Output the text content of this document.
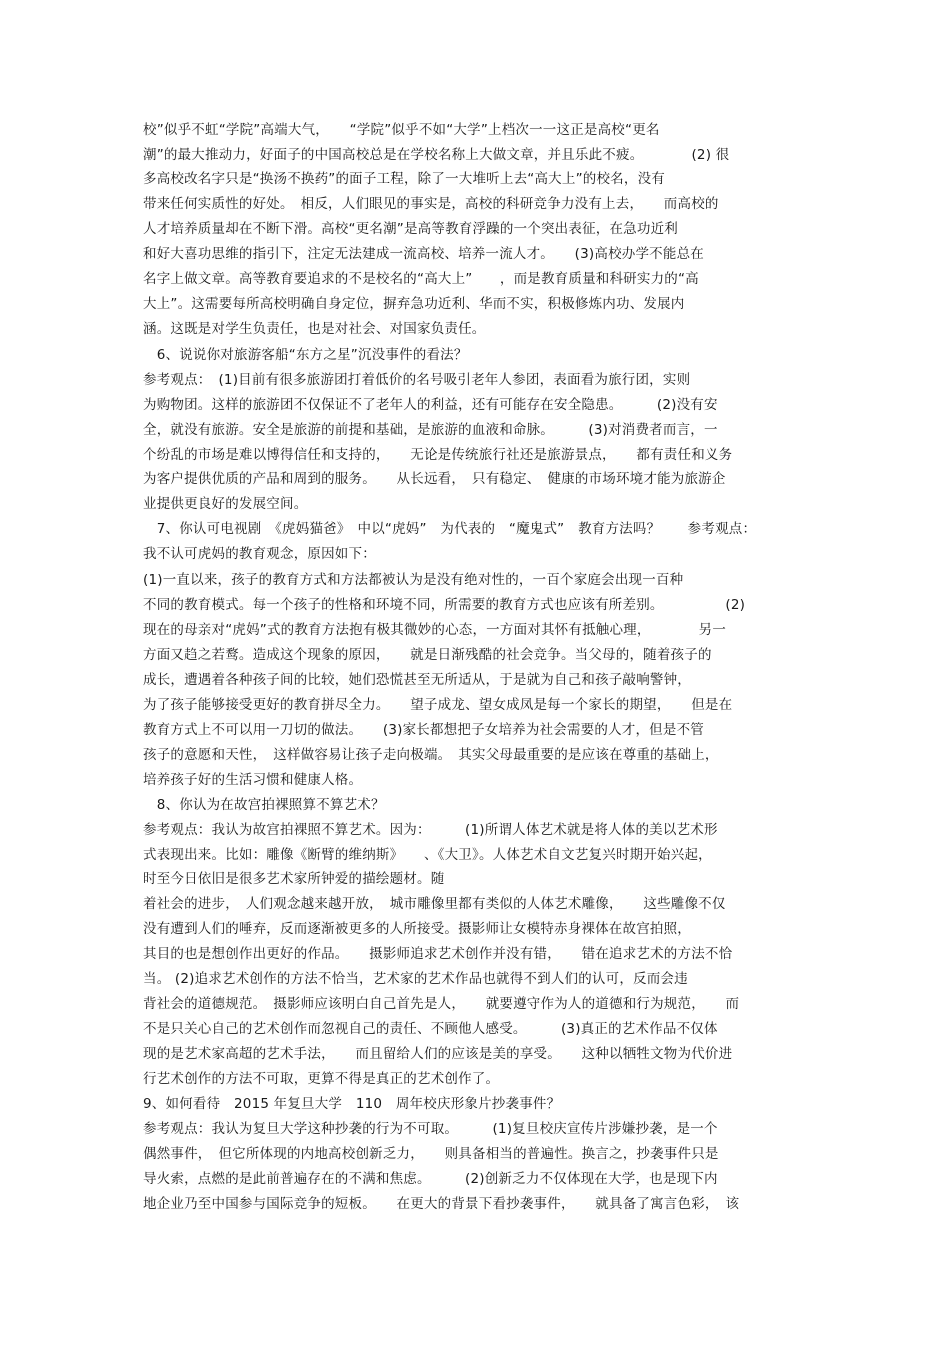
校”似乎不虹“学院”高端大气，　　“学院”似乎不如“大学”上档次一一这正是高校“更名
潮”的最大推动力，好面子的中国高校总是在学校名称上大做文章，并且乐此不疲。　　　　(2) 很
多高校改名字只是“换汤不换药”的面子工程，除了一大堆听上去“高大上”的校名，没有
带来任何实质性的好处。　相反，人们眼见的事实是，高校的科研竞争力没有上去，　　而高校的
人才培养质量却在不断下滑。高校“更名潮”是高等教育浮躁的一个突出表征，在急功近利
和好大喜功思维的指引下，注定无法建成一流高校、培养一流人才。　　(3)高校办学不能总在
名字上做文章。高等教育要追求的不是校名的“高大上”　　，而是教育质量和科研实力的“高
大上”。这需要每所高校明确自身定位，摒弃急功近利、华而不实，积极修炼内功、发展内
涵。这既是对学生负责任，也是对社会、对国家负责任。
　6、说说你对旅游客船“东方之星”沉没事件的看法？
参考观点：　(1)目前有很多旅游团打着低价的名号吸引老年人参团，表面看为旅行团，实则
为购物团。这样的旅游团不仅保证不了老年人的利益，还有可能存在安全隐患。　　　(2)没有安
全，就没有旅游。安全是旅游的前提和基础，是旅游的血液和命脉。　　　(3)对消费者而言，一
个纷乱的市场是难以博得信任和支持的，　　无论是传统旅行社还是旅游景点，　　都有责任和义务
为客户提供优质的产品和周到的服务。　　从长远看，　只有稳定、　健康的市场环境才能为旅游企
业提供更良好的发展空间。
　7、你认可电视剧　《虎妈猫爸》　中以“虎妈”　为代表的　“魔鬼式”　教育方法吗？　　参考观点：
我不认可虎妈的教育观念，原因如下：
(1)一直以来，孩子的教育方式和方法都被认为是没有绝对性的，一百个家庭会出现一百种
不同的教育模式。每一个孩子的性格和环境不同，所需要的教育方式也应该有所差别。　　　　　(2)
现在的母亲对“虎妈”式的教育方法抱有极其微妙的心态，一方面对其怀有抵触心理，　　　　另一
方面又趋之若鹜。造成这个现象的原因，　　就是日渐残酷的社会竞争。当父母的，随着孩子的
成长，遭遇着各种孩子间的比较，她们恐慌甚至无所适从，于是就为自己和孩子敲响警钟，
为了孩子能够接受更好的教育拼尽全力。　　望子成龙、望女成凤是每一个家长的期望，　　但是在
教育方式上不可以用一刀切的做法。　　(3)家长都想把子女培养为社会需要的人才，但是不管
孩子的意愿和天性，　这样做容易让孩子走向极端。　其实父母最重要的是应该在尊重的基础上，
培养孩子好的生活习惯和健康人格。
　8、你认为在故宫拍裸照算不算艺术？
参考观点：我认为故宫拍裸照不算艺术。因为：　　　(1)所谓人体艺术就是将人体的美以艺术形
式表现出来。比如：雕像《断臂的维纳斯》　　、《大卫》。人体艺术自文艺复兴时期开始兴起，
时至今日依旧是很多艺术家所钟爱的描绘题材。随
着社会的进步，　人们观念越来越开放，　城市雕像里都有类似的人体艺术雕像，　　这些雕像不仅
没有遭到人们的唾弃，反而逐渐被更多的人所接受。摄影师让女模特赤身裸体在故宫拍照，
其目的也是想创作出更好的作品。　　摄影师追求艺术创作并没有错，　　错在追求艺术的方法不恰
当。 (2)追求艺术创作的方法不恰当，艺术家的艺术作品也就得不到人们的认可，反而会违
背社会的道德规范。　摄影师应该明白自己首先是人，　　就要遵守作为人的道德和行为规范，　　而
不是只关心自己的艺术创作而忽视自己的责任、不顾他人感受。　　　(3)真正的艺术作品不仅体
现的是艺术家高超的艺术手法，　　而且留给人们的应该是美的享受。　　这种以牺牲文物为代价进
行艺术创作的方法不可取，更算不得是真正的艺术创作了。
9、如何看待　2015 年复旦大学　110　周年校庆形象片抄袭事件？
参考观点：我认为复旦大学这种抄袭的行为不可取。　　　(1)复旦校庆宣传片涉嫌抄袭，是一个
偶然事件，　但它所体现的内地高校创新乏力，　　则具备相当的普遍性。换言之，抄袭事件只是
导火索，点燃的是此前普遍存在的不满和焦虑。　　　(2)创新乏力不仅体现在大学，也是现下内
地企业乃至中国参与国际竞争的短板。　　在更大的背景下看抄袭事件，　　就具备了寓言色彩，　该
